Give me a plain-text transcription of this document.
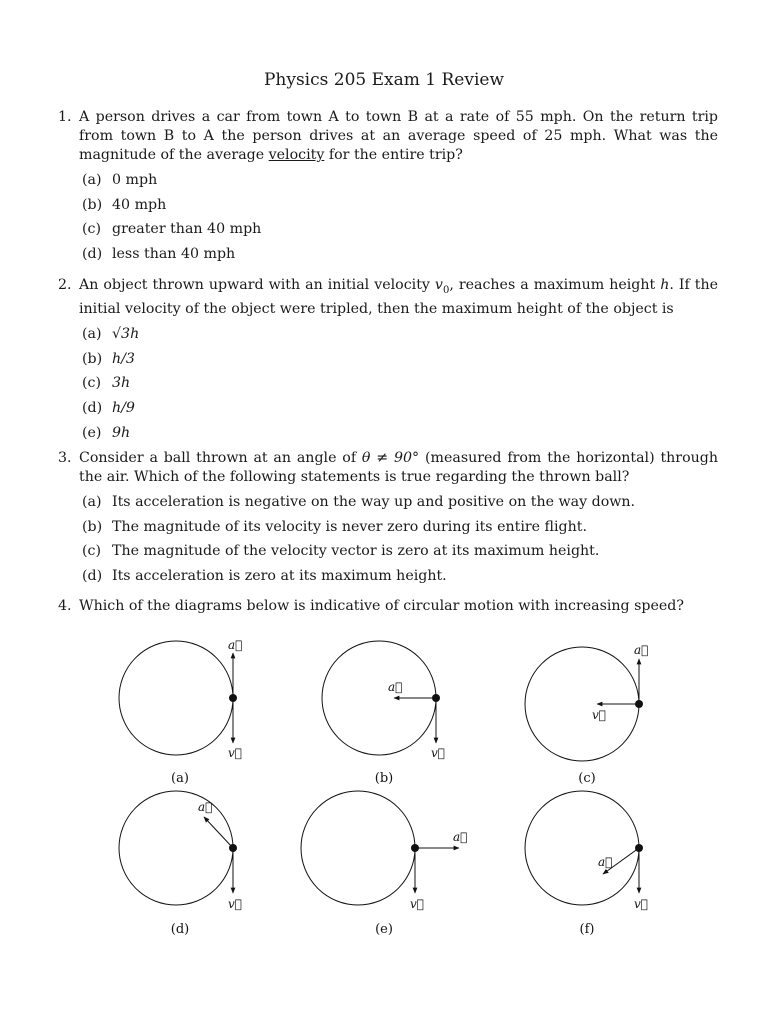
Physics 205 Exam 1 Review
1. A person drives a car from town A to town B at a rate of 55 mph. On the return trip from town B to A the person drives at an average speed of 25 mph. What was the magnitude of the average velocity for the entire trip?
(a) 0 mph
(b) 40 mph
(c) greater than 40 mph
(d) less than 40 mph
2. An object thrown upward with an initial velocity $v_0$, reaches a maximum height h. If the initial velocity of the object were tripled, then the maximum height of the object is
(a) √3h
(b) h/3
(c) 3h
(d) h/9
(e) 9h
3. Consider a ball thrown at an angle of θ ≠ 90° (measured from the horizontal) through the air. Which of the following statements is true regarding the thrown ball?
(a) Its acceleration is negative on the way up and positive on the way down.
(b) The magnitude of its velocity is never zero during its entire flight.
(c) The magnitude of the velocity vector is zero at its maximum height.
(d) Its acceleration is zero at its maximum height.
4. Which of the diagrams below is indicative of circular motion with increasing speed?
a⃗
v⃗
a⃗
v⃗
a⃗
v⃗
a⃗
v⃗
a⃗
v⃗
a⃗
v⃗
(a)	(b)	(c)
(d)	(e)	(f)
